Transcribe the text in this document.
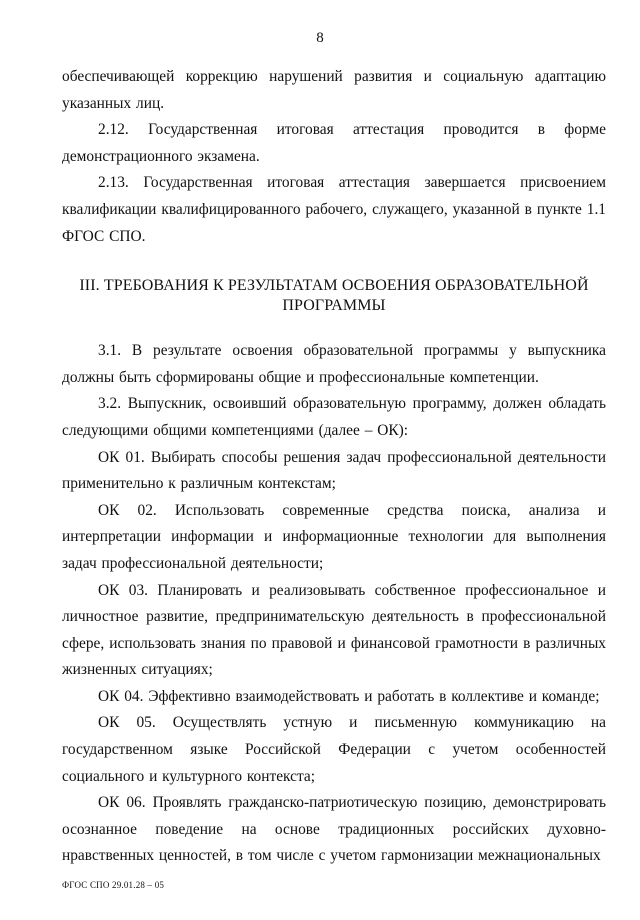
8

обеспечивающей коррекцию нарушений развития и социальную адаптацию указанных лиц.

2.12. Государственная итоговая аттестация проводится в форме демонстрационного экзамена.

2.13. Государственная итоговая аттестация завершается присвоением квалификации квалифицированного рабочего, служащего, указанной в пункте 1.1 ФГОС СПО.

III. ТРЕБОВАНИЯ К РЕЗУЛЬТАТАМ ОСВОЕНИЯ ОБРАЗОВАТЕЛЬНОЙ
ПРОГРАММЫ

3.1. В результате освоения образовательной программы у выпускника должны быть сформированы общие и профессиональные компетенции.

3.2. Выпускник, освоивший образовательную программу, должен обладать следующими общими компетенциями (далее – ОК):

ОК 01. Выбирать способы решения задач профессиональной деятельности применительно к различным контекстам;

ОК 02. Использовать современные средства поиска, анализа и интерпретации информации и информационные технологии для выполнения задач профессиональной деятельности;

ОК 03. Планировать и реализовывать собственное профессиональное и личностное развитие, предпринимательскую деятельность в профессиональной сфере, использовать знания по правовой и финансовой грамотности в различных жизненных ситуациях;

ОК 04. Эффективно взаимодействовать и работать в коллективе и команде;

ОК 05. Осуществлять устную и письменную коммуникацию на государственном языке Российской Федерации с учетом особенностей социального и культурного контекста;

ОК 06. Проявлять гражданско-патриотическую позицию, демонстрировать осознанное поведение на основе традиционных российских духовно-нравственных ценностей, в том числе с учетом гармонизации межнациональных

ФГОС СПО 29.01.28 – 05
